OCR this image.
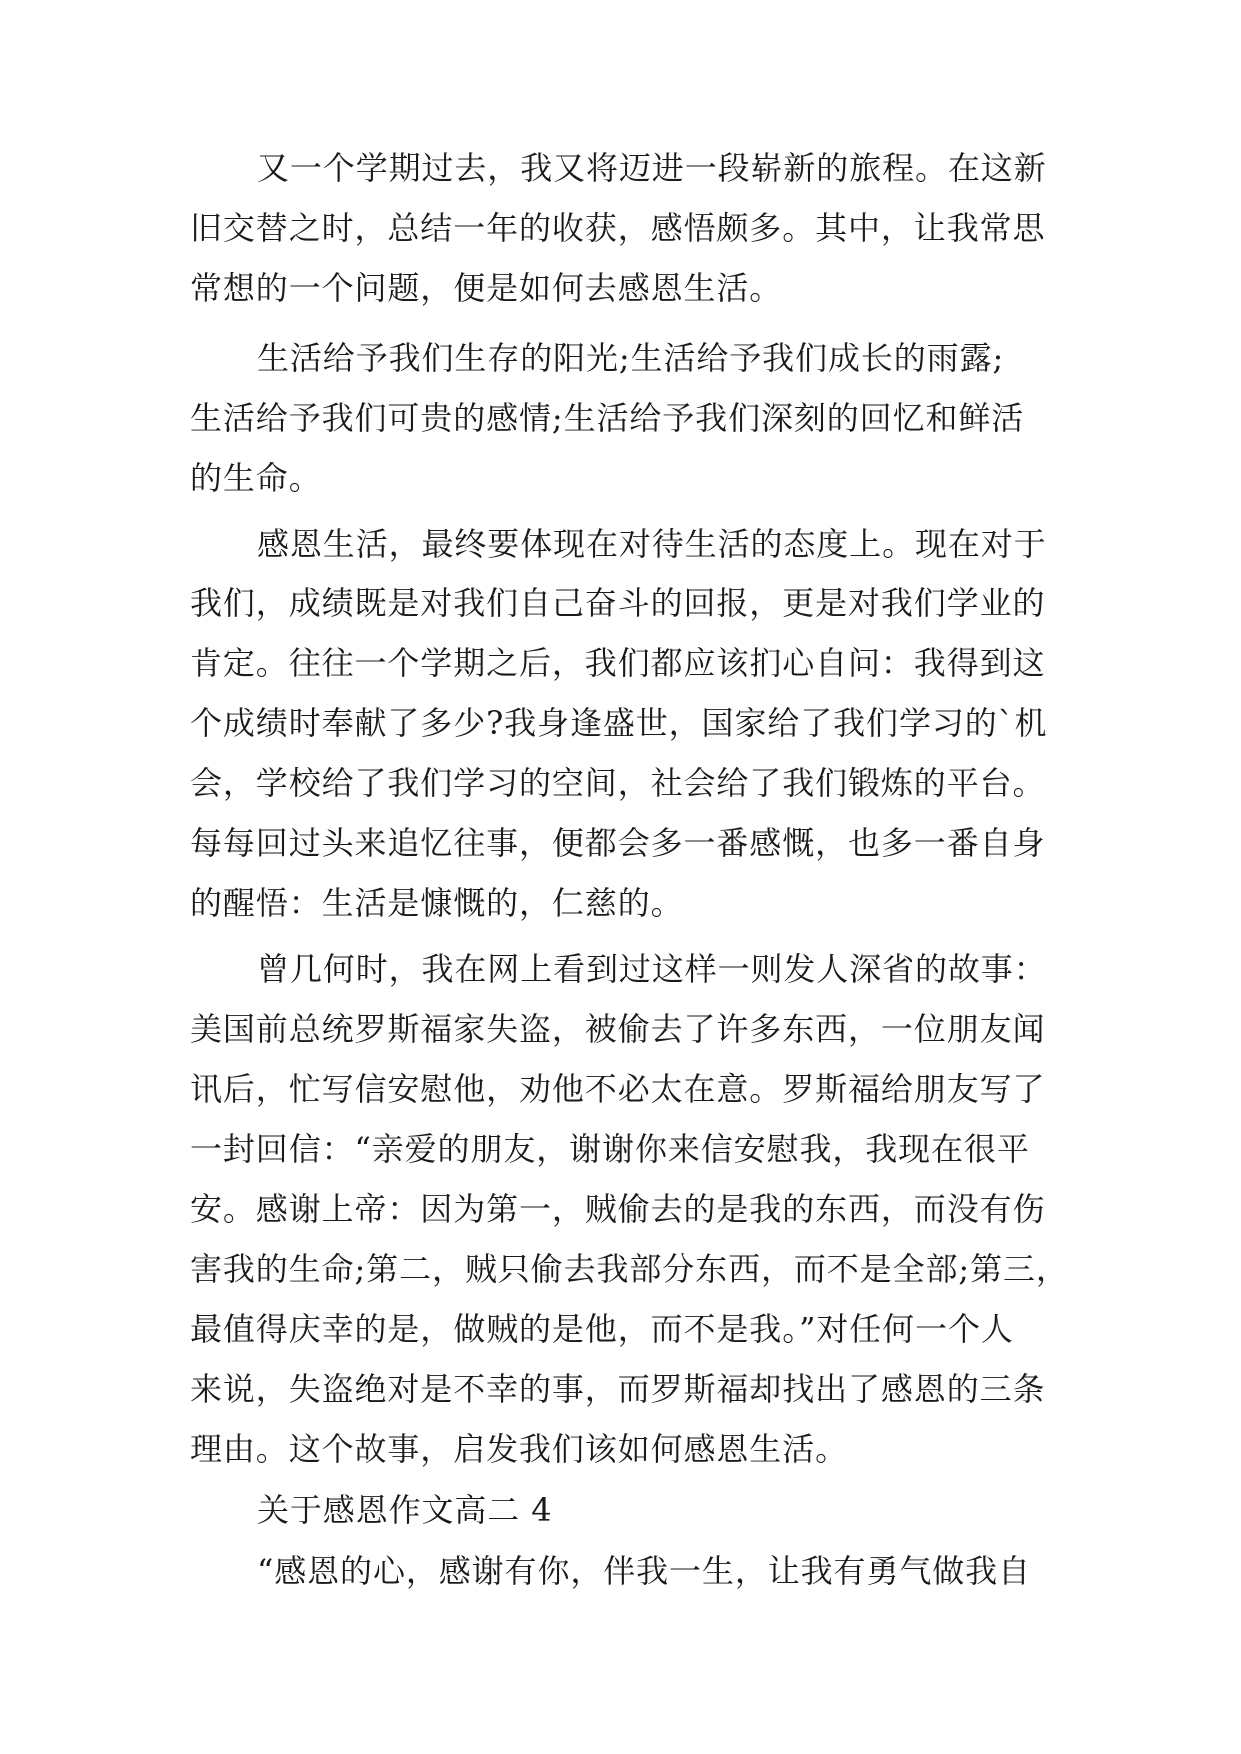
又一个学期过去，我又将迈进一段崭新的旅程。在这新
旧交替之时，总结一年的收获，感悟颇多。其中，让我常思
常想的一个问题，便是如何去感恩生活。
生活给予我们生存的阳光;生活给予我们成长的雨露;
生活给予我们可贵的感情;生活给予我们深刻的回忆和鲜活
的生命。
感恩生活，最终要体现在对待生活的态度上。现在对于
我们，成绩既是对我们自己奋斗的回报，更是对我们学业的
肯定。往往一个学期之后，我们都应该扪心自问：我得到这
个成绩时奉献了多少?我身逢盛世，国家给了我们学习的`机
会，学校给了我们学习的空间，社会给了我们锻炼的平台。
每每回过头来追忆往事，便都会多一番感慨，也多一番自身
的醒悟：生活是慷慨的，仁慈的。
曾几何时，我在网上看到过这样一则发人深省的故事：
美国前总统罗斯福家失盗，被偷去了许多东西，一位朋友闻
讯后，忙写信安慰他，劝他不必太在意。罗斯福给朋友写了
一封回信：“亲爱的朋友，谢谢你来信安慰我，我现在很平
安。感谢上帝：因为第一，贼偷去的是我的东西，而没有伤
害我的生命;第二，贼只偷去我部分东西，而不是全部;第三，
最值得庆幸的是，做贼的是他，而不是我。”对任何一个人
来说，失盗绝对是不幸的事，而罗斯福却找出了感恩的三条
理由。这个故事，启发我们该如何感恩生活。
关于感恩作文高二 4
“感恩的心，感谢有你，伴我一生，让我有勇气做我自
